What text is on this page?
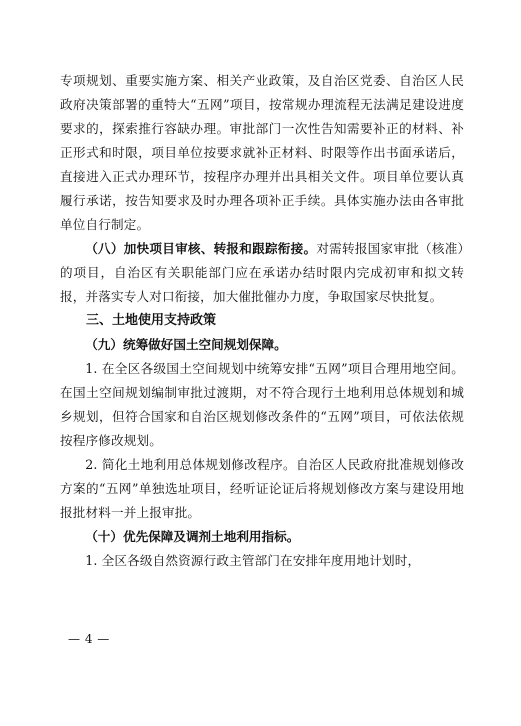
专项规划、重要实施方案、相关产业政策，及自治区党委、自治区人民政府决策部署的重特大“五网”项目，按常规办理流程无法满足建设进度要求的，探索推行容缺办理。审批部门一次性告知需要补正的材料、补正形式和时限，项目单位按要求就补正材料、时限等作出书面承诺后，直接进入正式办理环节，按程序办理并出具相关文件。项目单位要认真履行承诺，按告知要求及时办理各项补正手续。具体实施办法由各审批单位自行制定。

（八）加快项目审核、转报和跟踪衔接。对需转报国家审批（核准）的项目，自治区有关职能部门应在承诺办结时限内完成初审和拟文转报，并落实专人对口衔接，加大催批催办力度，争取国家尽快批复。

三、土地使用支持政策

（九）统筹做好国土空间规划保障。

1. 在全区各级国土空间规划中统筹安排“五网”项目合理用地空间。在国土空间规划编制审批过渡期，对不符合现行土地利用总体规划和城乡规划，但符合国家和自治区规划修改条件的“五网”项目，可依法依规按程序修改规划。

2. 简化土地利用总体规划修改程序。自治区人民政府批准规划修改方案的“五网”单独选址项目，经听证论证后将规划修改方案与建设用地报批材料一并上报审批。

（十）优先保障及调剂土地利用指标。

1. 全区各级自然资源行政主管部门在安排年度用地计划时，

— 4 —
